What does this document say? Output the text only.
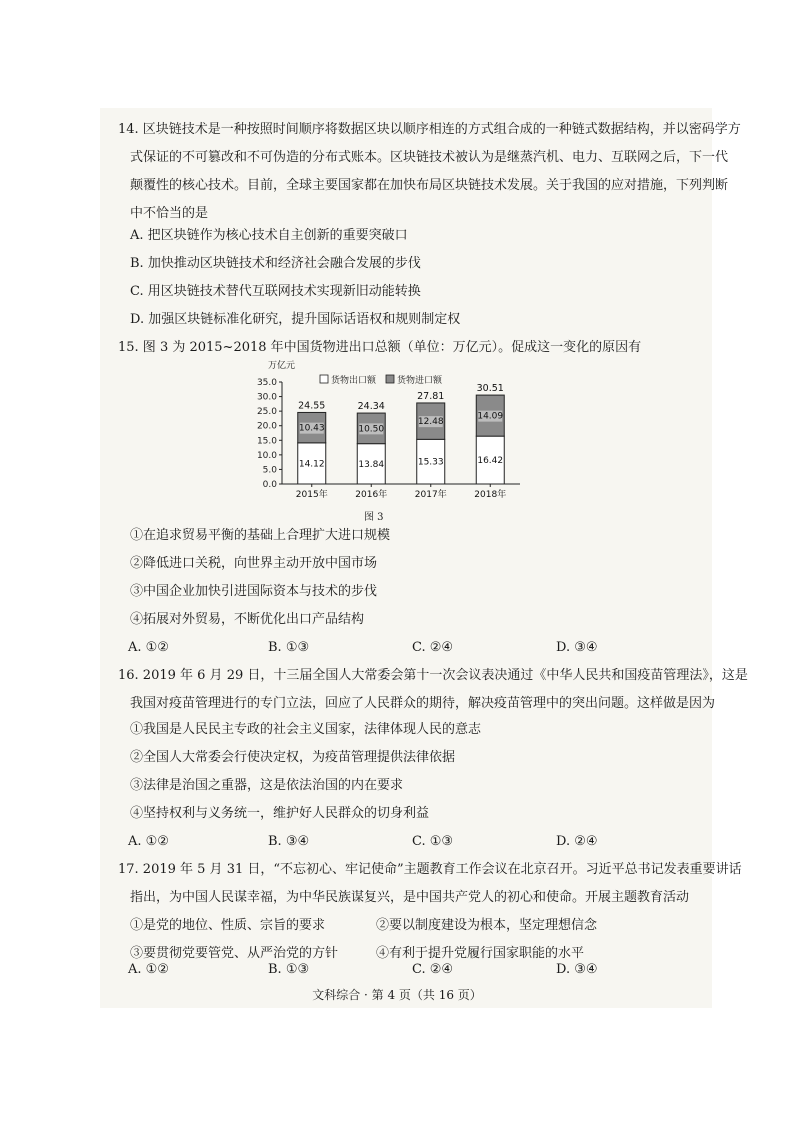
14. 区块链技术是一种按照时间顺序将数据区块以顺序相连的方式组合成的一种链式数据结构，并以密码学方
式保证的不可篡改和不可伪造的分布式账本。区块链技术被认为是继蒸汽机、电力、互联网之后，下一代
颠覆性的核心技术。目前，全球主要国家都在加快布局区块链技术发展。关于我国的应对措施，下列判断
中不恰当的是
A. 把区块链作为核心技术自主创新的重要突破口
B. 加快推动区块链技术和经济社会融合发展的步伐
C. 用区块链技术替代互联网技术实现新旧动能转换
D. 加强区块链标准化研究，提升国际话语权和规则制定权
15. 图 3 为 2015~2018 年中国货物进出口总额（单位：万亿元）。促成这一变化的原因有
万亿元
0.0
5.0
10.0
15.0
20.0
25.0
30.0
35.0	货物出口额 货物进口额
14.12
10.43
24.55
2015年
13.84
10.50
24.34
2016年
15.33
12.48
27.81
2017年
16.42
14.09
30.51
2018年
图 3
①在追求贸易平衡的基础上合理扩大进口规模
②降低进口关税，向世界主动开放中国市场
③中国企业加快引进国际资本与技术的步伐
④拓展对外贸易，不断优化出口产品结构
A. ①②	B. ①③	C. ②④	D. ③④
16. 2019 年 6 月 29 日，十三届全国人大常委会第十一次会议表决通过《中华人民共和国疫苗管理法》，这是
我国对疫苗管理进行的专门立法，回应了人民群众的期待，解决疫苗管理中的突出问题。这样做是因为
①我国是人民民主专政的社会主义国家，法律体现人民的意志
②全国人大常委会行使决定权，为疫苗管理提供法律依据
③法律是治国之重器，这是依法治国的内在要求
④坚持权利与义务统一，维护好人民群众的切身利益
A. ①②	B. ③④	C. ①③	D. ②④
17. 2019 年 5 月 31 日，“不忘初心、牢记使命”主题教育工作会议在北京召开。习近平总书记发表重要讲话
指出，为中国人民谋幸福，为中华民族谋复兴，是中国共产党人的初心和使命。开展主题教育活动
①是党的地位、性质、宗旨的要求	②要以制度建设为根本，坚定理想信念
③要贯彻党要管党、从严治党的方针	④有利于提升党履行国家职能的水平
A. ①②	B. ①③	C. ②④	D. ③④
文科综合 · 第 4 页（共 16 页）
